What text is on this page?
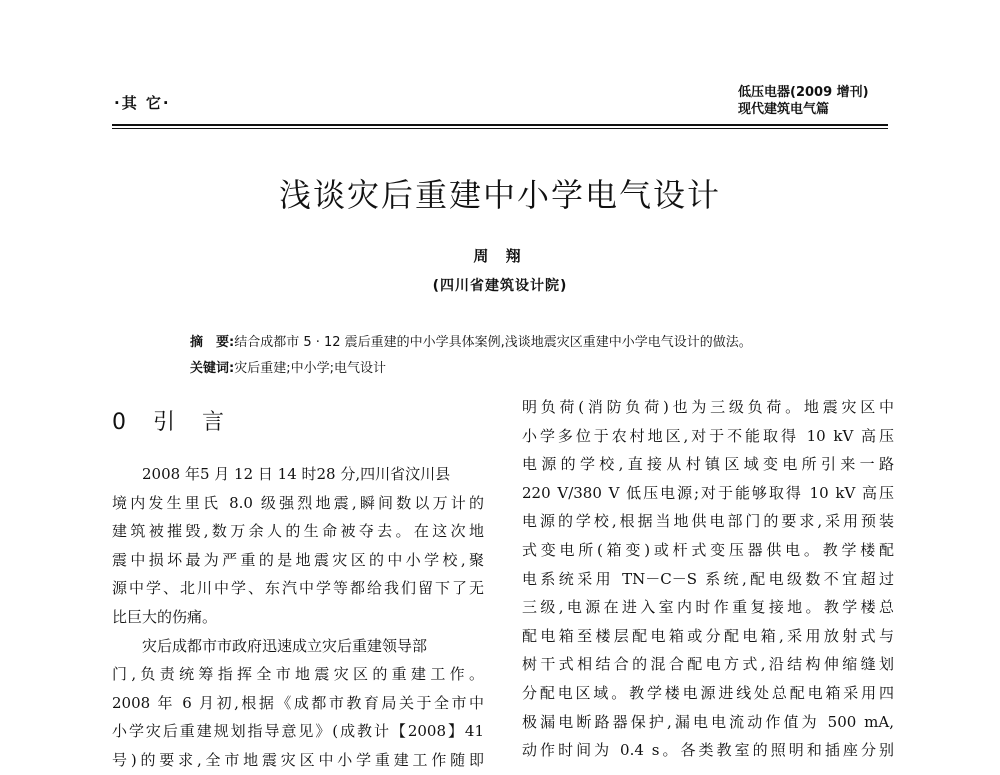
·其 它·
低压电器(2009 增刊)
现代建筑电气篇
浅谈灾后重建中小学电气设计
周 翔
(四川省建筑设计院)
摘　要:结合成都市 5 · 12 震后重建的中小学具体案例,浅谈地震灾区重建中小学电气设计的做法。
关键词:灾后重建;中小学;电气设计
0 引 言
2008 年5 月 12 日 14 时28 分,四川省汶川县
境内发生里氏 8.0 级强烈地震,瞬间数以万计的
建筑被摧毁,数万余人的生命被夺去。在这次地
震中损坏最为严重的是地震灾区的中小学校,聚
源中学、北川中学、东汽中学等都给我们留下了无
比巨大的伤痛。
灾后成都市市政府迅速成立灾后重建领导部
门,负责统筹指挥全市地震灾区的重建工作。
2008 年 6 月初,根据《成都市教育局关于全市中
小学灾后重建规划指导意见》(成教计【2008】41
号)的要求,全市地震灾区中小学重建工作随即
明负荷(消防负荷)也为三级负荷。地震灾区中
小学多位于农村地区,对于不能取得 10 kV 高压
电源的学校,直接从村镇区域变电所引来一路
220 V/380 V 低压电源;对于能够取得 10 kV 高压
电源的学校,根据当地供电部门的要求,采用预装
式变电所(箱变)或杆式变压器供电。教学楼配
电系统采用 TN－C－S 系统,配电级数不宜超过
三级,电源在进入室内时作重复接地。教学楼总
配电箱至楼层配电箱或分配电箱,采用放射式与
树干式相结合的混合配电方式,沿结构伸缩缝划
分配电区域。教学楼电源进线处总配电箱采用四
极漏电断路器保护,漏电电流动作值为 500 mA,
动作时间为 0.4 s。各类教室的照明和插座分别
